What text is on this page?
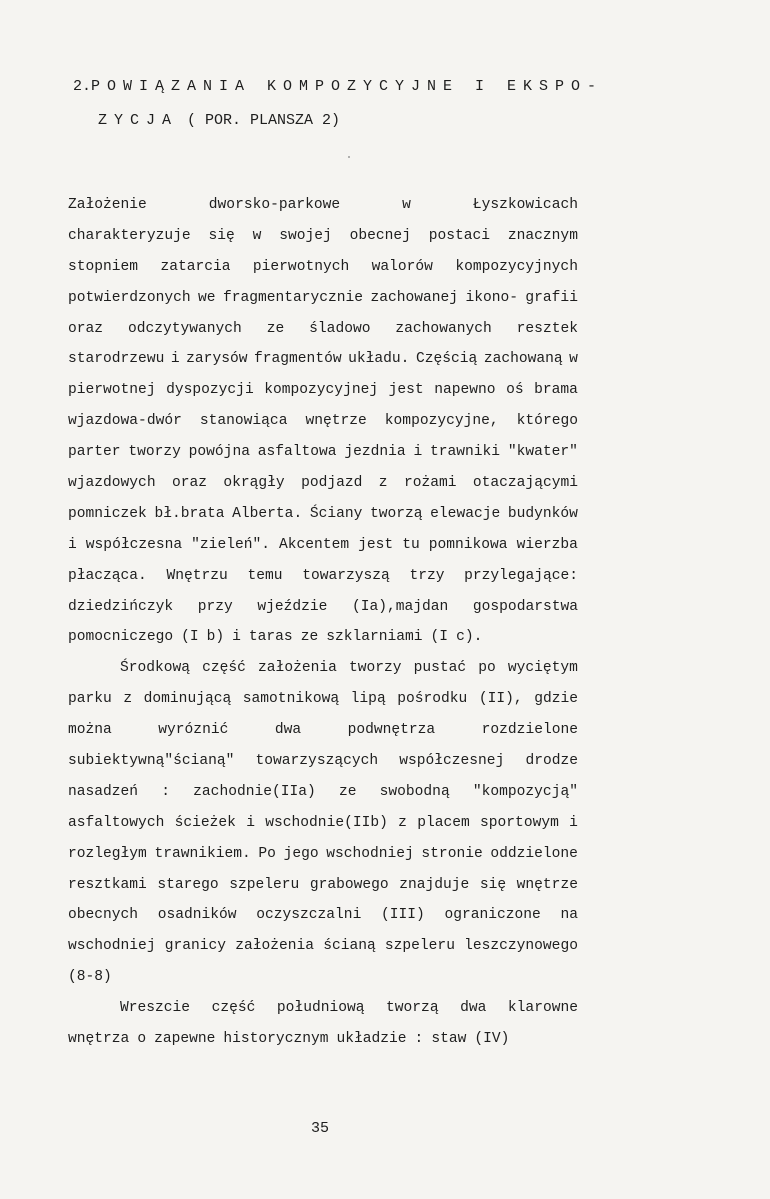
2.POWIĄZANIA KOMPOZYCYJNE I EKSPO-
ZYCJA ( POR. PLANSZA 2)
Założenie	dworsko-parkowe	w	Łyszkowicach
charakteryzuje się w swojej obecnej postaci znacznym
stopniem zatarcia pierwotnych walorów kompozycyjnych
potwierdzonych we fragmentarycznie zachowanej ikono- grafii
oraz odczytywanych ze śladowo zachowanych resztek
starodrzewu i zarysów fragmentów układu. Częścią zachowaną w
pierwotnej dyspozycji kompozycyjnej jest napewno oś brama
wjazdowa-dwór stanowiąca wnętrze kompozycyjne, którego
parter tworzy powójna asfaltowa jezdnia i trawniki "kwater"
wjazdowych oraz okrągły podjazd z rożami otaczającymi
pomniczek bł.brata Alberta. Ściany tworzą elewacje budynków
i współczesna "zieleń". Akcentem jest tu pomnikowa wierzba
płacząca. Wnętrzu temu towarzyszą trzy przylegające:
dziedzińczyk przy wjeździe (Ia),majdan gospodarstwa
pomocniczego (I b) i taras ze szklarniami (I c).
Środkową część założenia tworzy pustać po wyciętym
parku z dominującą samotnikową lipą pośrodku (II), gdzie
można	wyróznić	dwa	podwnętrza	rozdzielone
subiektywną"ścianą" towarzyszących współczesnej drodze
nasadzeń : zachodnie(IIa) ze swobodną "kompozycją"
asfaltowych ścieżek i wschodnie(IIb) z placem sportowym i
rozległym trawnikiem. Po jego wschodniej stronie oddzielone
resztkami starego szpeleru grabowego znajduje się wnętrze
obecnych osadników oczyszczalni (III) ograniczone na
wschodniej granicy założenia ścianą szpeleru leszczynowego
(8-8)
Wreszcie część południową tworzą dwa klarowne
wnętrza o zapewne historycznym układzie : staw (IV)
35
